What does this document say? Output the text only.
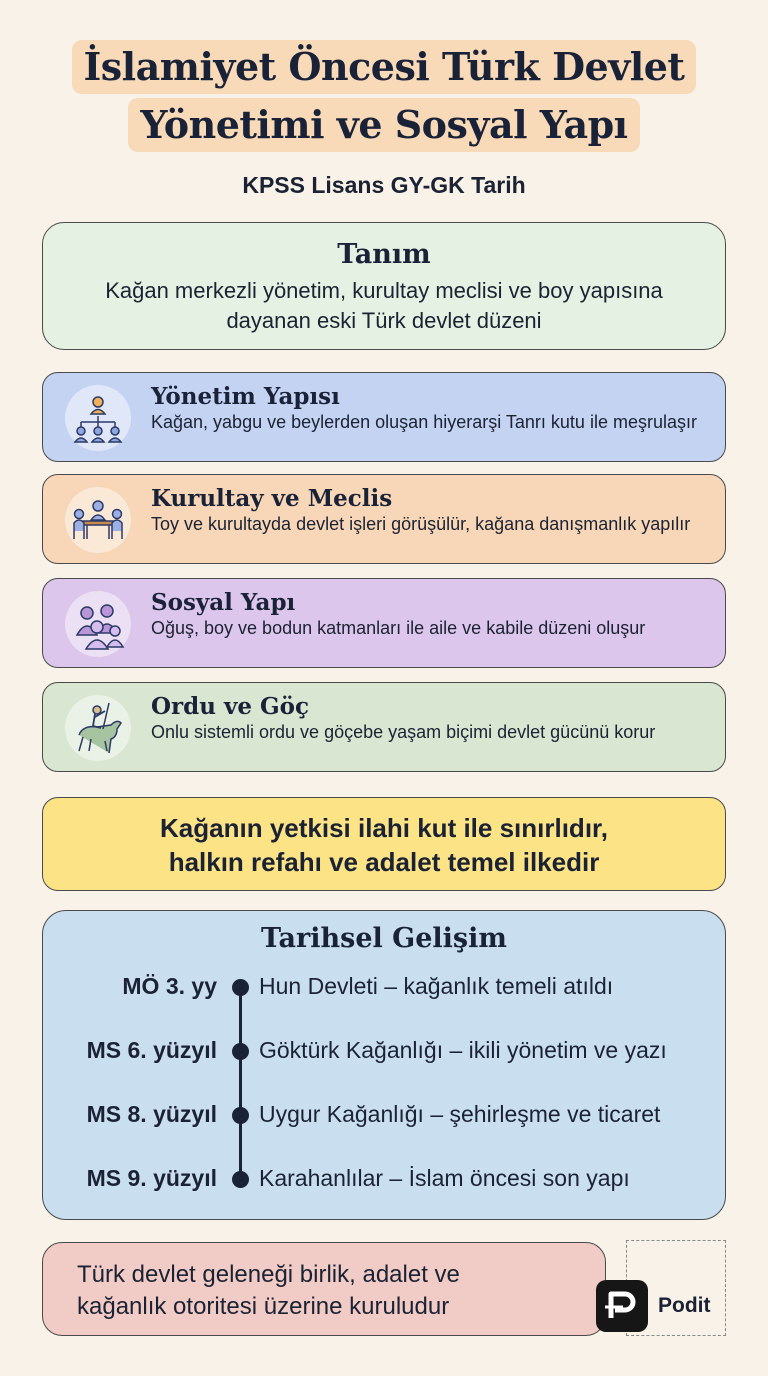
İslamiyet Öncesi Türk Devlet
Yönetimi ve Sosyal Yapı
KPSS Lisans GY-GK Tarih
Tanım
Kağan merkezli yönetim, kurultay meclisi ve boy yapısına dayanan eski Türk devlet düzeni
Yönetim Yapısı
Kağan, yabgu ve beylerden oluşan hiyerarşi Tanrı kutu ile meşrulaşır
Kurultay ve Meclis
Toy ve kurultayda devlet işleri görüşülür, kağana danışmanlık yapılır
Sosyal Yapı
Oğuş, boy ve bodun katmanları ile aile ve kabile düzeni oluşur
Ordu ve Göç
Onlu sistemli ordu ve göçebe yaşam biçimi devlet gücünü korur
Kağanın yetkisi ilahi kut ile sınırlıdır,
halkın refahı ve adalet temel ilkedir
Tarihsel Gelişim
MÖ 3. yy Hun Devleti – kağanlık temeli atıldı
MS 6. yüzyıl Göktürk Kağanlığı – ikili yönetim ve yazı
MS 8. yüzyıl Uygur Kağanlığı – şehirleşme ve ticaret
MS 9. yüzyıl Karahanlılar – İslam öncesi son yapı
Türk devlet geleneği birlik, adalet ve
kağanlık otoritesi üzerine kuruludur	Podit
